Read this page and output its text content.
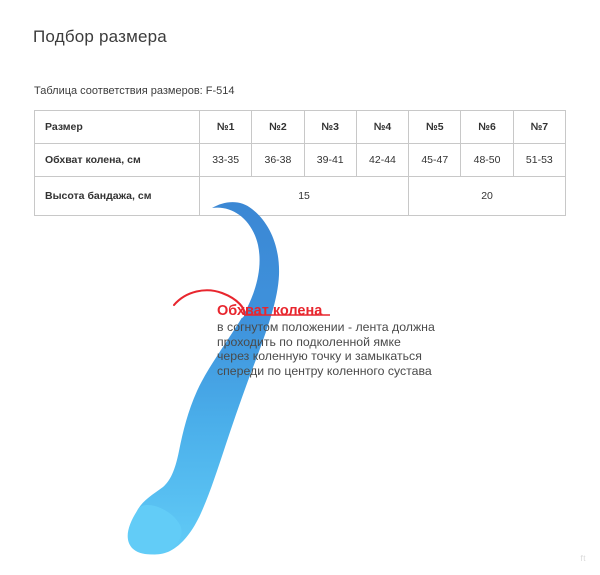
Подбор размера
Таблица соответствия размеров: F-514
Размер	№1	№2	№3	№4	№5	№6	№7
Обхват колена, см	33-35	36-38	39-41	42-44	45-47	48-50	51-53
Высота бандажа, см	15				20		
Обхват колена
в согнутом положении - лента должна
проходить по подколенной ямке
через коленную точку и замыкаться
спереди по центру коленного сустава
ft
